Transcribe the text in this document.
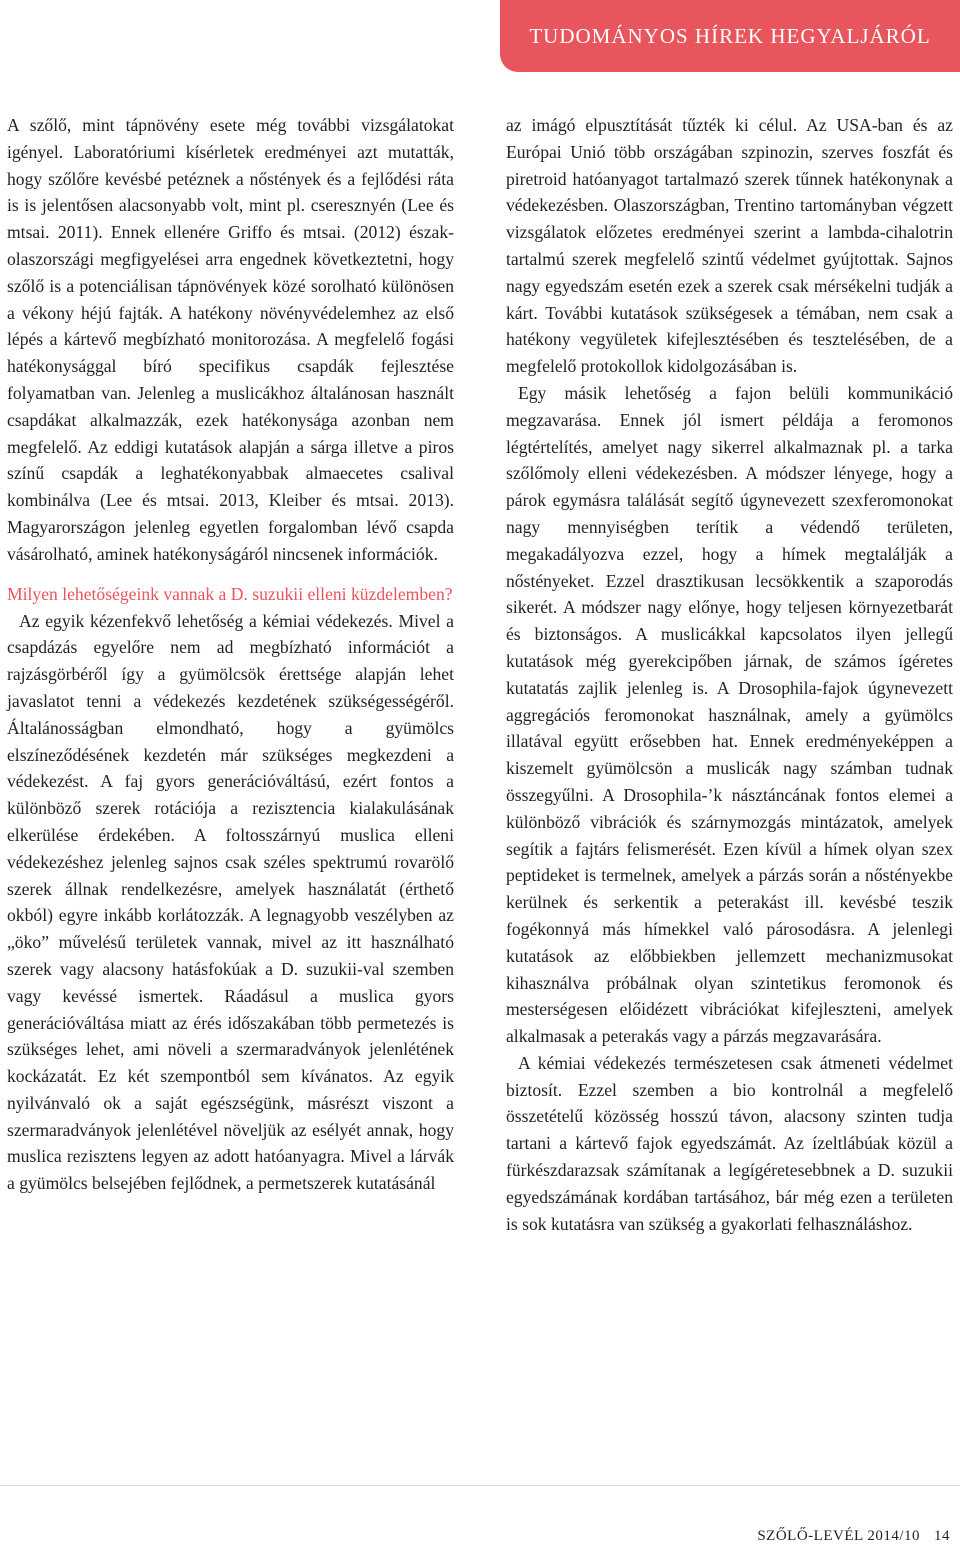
TUDOMÁNYOS HÍREK HEGYALJÁRÓL

A szőlő, mint tápnövény esete még további vizsgálatokat igényel. Laboratóriumi kísérletek eredményei azt mutatták, hogy szőlőre kevésbé petéznek a nőstények és a fejlődési ráta is is jelentősen alacsonyabb volt, mint pl. cseresznyén (Lee és mtsai. 2011). Ennek ellenére Griffo és mtsai. (2012) észak-olaszországi megfigyelései arra engednek következtetni, hogy szőlő is a potenciálisan tápnövények közé sorolható különösen a vékony héjú fajták. A hatékony növényvédelemhez az első lépés a kártevő megbízható monitorozása. A megfelelő fogási hatékonysággal bíró specifikus csapdák fejlesztése folyamatban van. Jelenleg a muslicákhoz általánosan használt csapdákat alkalmazzák, ezek hatékonysága azonban nem megfelelő. Az eddigi kutatások alapján a sárga illetve a piros színű csapdák a leghatékonyabbak almaecetes csalival kombinálva (Lee és mtsai. 2013, Kleiber és mtsai. 2013). Magyarországon jelenleg egyetlen forgalomban lévő csapda vásárolható, aminek hatékonyságáról nincsenek információk.

Milyen lehetőségeink vannak a D. suzukii elleni küzdelemben?

Az egyik kézenfekvő lehetőség a kémiai védekezés. Mivel a csapdázás egyelőre nem ad megbízható információt a rajzásgörbéről így a gyümölcsök érettsége alapján lehet javaslatot tenni a védekezés kezdetének szükségességéről. Általánosságban elmondható, hogy a gyümölcs elszíneződésének kezdetén már szükséges megkezdeni a védekezést. A faj gyors generációváltású, ezért fontos a különböző szerek rotációja a rezisztencia kialakulásának elkerülése érdekében. A foltosszárnyú muslica elleni védekezéshez jelenleg sajnos csak széles spektrumú rovarölő szerek állnak rendelkezésre, amelyek használatát (érthető okból) egyre inkább korlátozzák. A legnagyobb veszélyben az „öko” művelésű területek vannak, mivel az itt használható szerek vagy alacsony hatásfokúak a D. suzukii-val szemben vagy kevéssé ismertek. Ráadásul a muslica gyors generációváltása miatt az érés időszakában több permetezés is szükséges lehet, ami növeli a szermaradványok jelenlétének kockázatát. Ez két szempontból sem kívánatos. Az egyik nyilvánvaló ok a saját egészségünk, másrészt viszont a szermaradványok jelenlétével növeljük az esélyét annak, hogy muslica rezisztens legyen az adott hatóanyagra. Mivel a lárvák a gyümölcs belsejében fejlődnek, a permetszerek kutatásánál

az imágó elpusztítását tűzték ki célul. Az USA-ban és az Európai Unió több országában szpinozin, szerves foszfát és piretroid hatóanyagot tartalmazó szerek tűnnek hatékonynak a védekezésben. Olaszországban, Trentino tartományban végzett vizsgálatok előzetes eredményei szerint a lambda-cihalotrin tartalmú szerek megfelelő szintű védelmet gyújtottak. Sajnos nagy egyedszám esetén ezek a szerek csak mérsékelni tudják a kárt. További kutatások szükségesek a témában, nem csak a hatékony vegyületek kifejlesztésében és tesztelésében, de a megfelelő protokollok kidolgozásában is.

Egy másik lehetőség a fajon belüli kommunikáció megzavarása. Ennek jól ismert példája a feromonos légtértelítés, amelyet nagy sikerrel alkalmaznak pl. a tarka szőlőmoly elleni védekezésben. A módszer lényege, hogy a párok egymásra találását segítő úgynevezett szexferomonokat nagy mennyiségben terítik a védendő területen, megakadályozva ezzel, hogy a hímek megtalálják a nőstényeket. Ezzel drasztikusan lecsökkentik a szaporodás sikerét. A módszer nagy előnye, hogy teljesen környezetbarát és biztonságos. A muslicákkal kapcsolatos ilyen jellegű kutatások még gyerekcipőben járnak, de számos ígéretes kutatatás zajlik jelenleg is. A Drosophila-fajok úgynevezett aggregációs feromonokat használnak, amely a gyümölcs illatával együtt erősebben hat. Ennek eredményeképpen a kiszemelt gyümölcsön a muslicák nagy számban tudnak összegyűlni. A Drosophila-’k násztáncának fontos elemei a különböző vibrációk és szárnymozgás mintázatok, amelyek segítik a fajtárs felismerését. Ezen kívül a hímek olyan szex peptideket is termelnek, amelyek a párzás során a nőstényekbe kerülnek és serkentik a peterakást ill. kevésbé teszik fogékonnyá más hímekkel való párosodásra. A jelenlegi kutatások az előbbiekben jellemzett mechanizmusokat kihasználva próbálnak olyan szintetikus feromonok és mesterségesen előidézett vibrációkat kifejleszteni, amelyek alkalmasak a peterakás vagy a párzás megzavarására.

A kémiai védekezés természetesen csak átmeneti védelmet biztosít. Ezzel szemben a bio kontrolnál a megfelelő összetételű közösség hosszú távon, alacsony szinten tudja tartani a kártevő fajok egyedszámát. Az ízeltlábúak közül a fürkészdarazsak számítanak a legígéretesebbnek a D. suzukii egyedszámának kordában tartásához, bár még ezen a területen is sok kutatásra van szükség a gyakorlati felhasználáshoz.

SZŐLŐ-LEVÉL 2014/10 14
